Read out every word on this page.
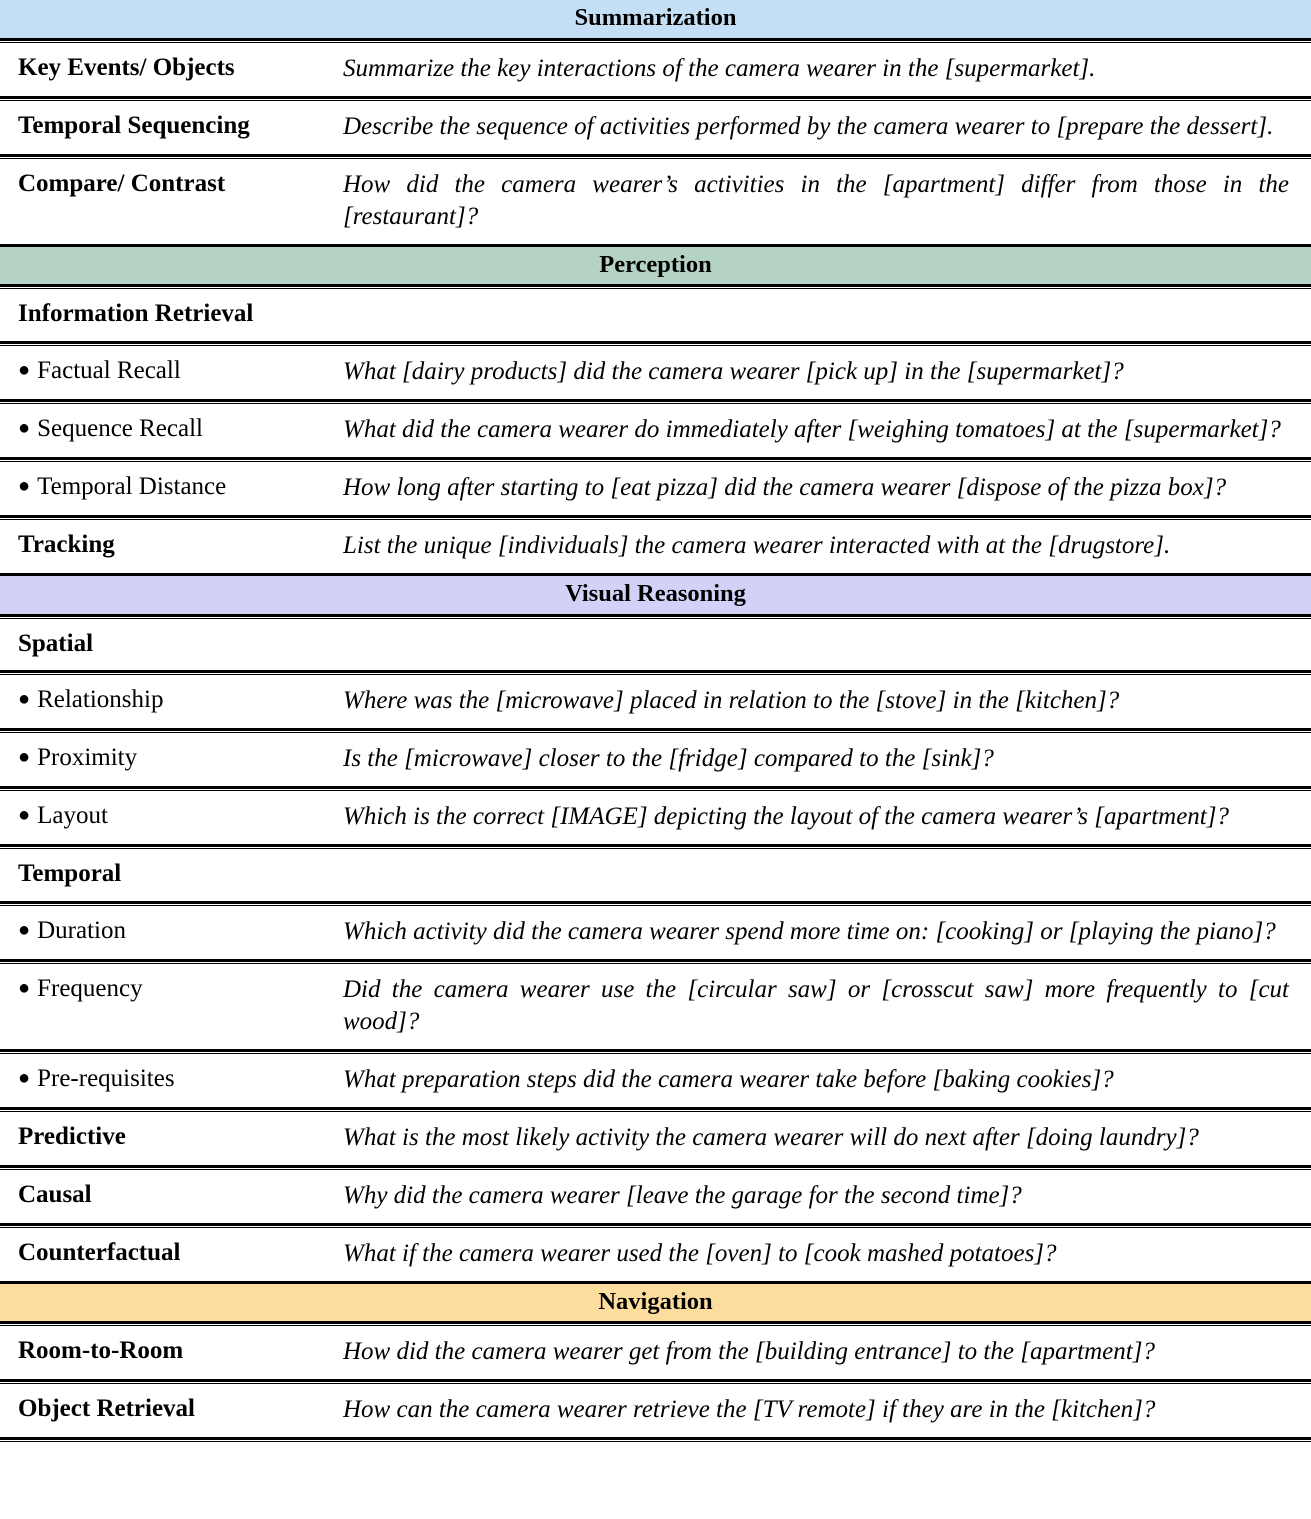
Summarization	

Key Events/ Objects	Summarize the key interactions of the camera wearer in the [supermarket].

Temporal Sequencing	Describe the sequence of activities performed by the camera wearer to [prepare the dessert].

Compare/ Contrast	How did the camera wearer’s activities in the [apartment] differ from those in the [restaurant]?

Perception	

Information Retrieval	

● Factual Recall	What [dairy products] did the camera wearer [pick up] in the [supermarket]?

● Sequence Recall	What did the camera wearer do immediately after [weighing tomatoes] at the [supermarket]?

● Temporal Distance	How long after starting to [eat pizza] did the camera wearer [dispose of the pizza box]?

Tracking	List the unique [individuals] the camera wearer interacted with at the [drugstore].

Visual Reasoning	

Spatial	

● Relationship	Where was the [microwave] placed in relation to the [stove] in the [kitchen]?

● Proximity	Is the [microwave] closer to the [fridge] compared to the [sink]?

● Layout	Which is the correct [IMAGE] depicting the layout of the camera wearer’s [apartment]?

Temporal	

● Duration	Which activity did the camera wearer spend more time on: [cooking] or [playing the piano]?

● Frequency	Did the camera wearer use the [circular saw] or [crosscut saw] more frequently to [cut wood]?

● Pre-requisites	What preparation steps did the camera wearer take before [baking cookies]?

Predictive	What is the most likely activity the camera wearer will do next after [doing laundry]?

Causal	Why did the camera wearer [leave the garage for the second time]?

Counterfactual	What if the camera wearer used the [oven] to [cook mashed potatoes]?

Navigation	

Room-to-Room	How did the camera wearer get from the [building entrance] to the [apartment]?

Object Retrieval	How can the camera wearer retrieve the [TV remote] if they are in the [kitchen]?
